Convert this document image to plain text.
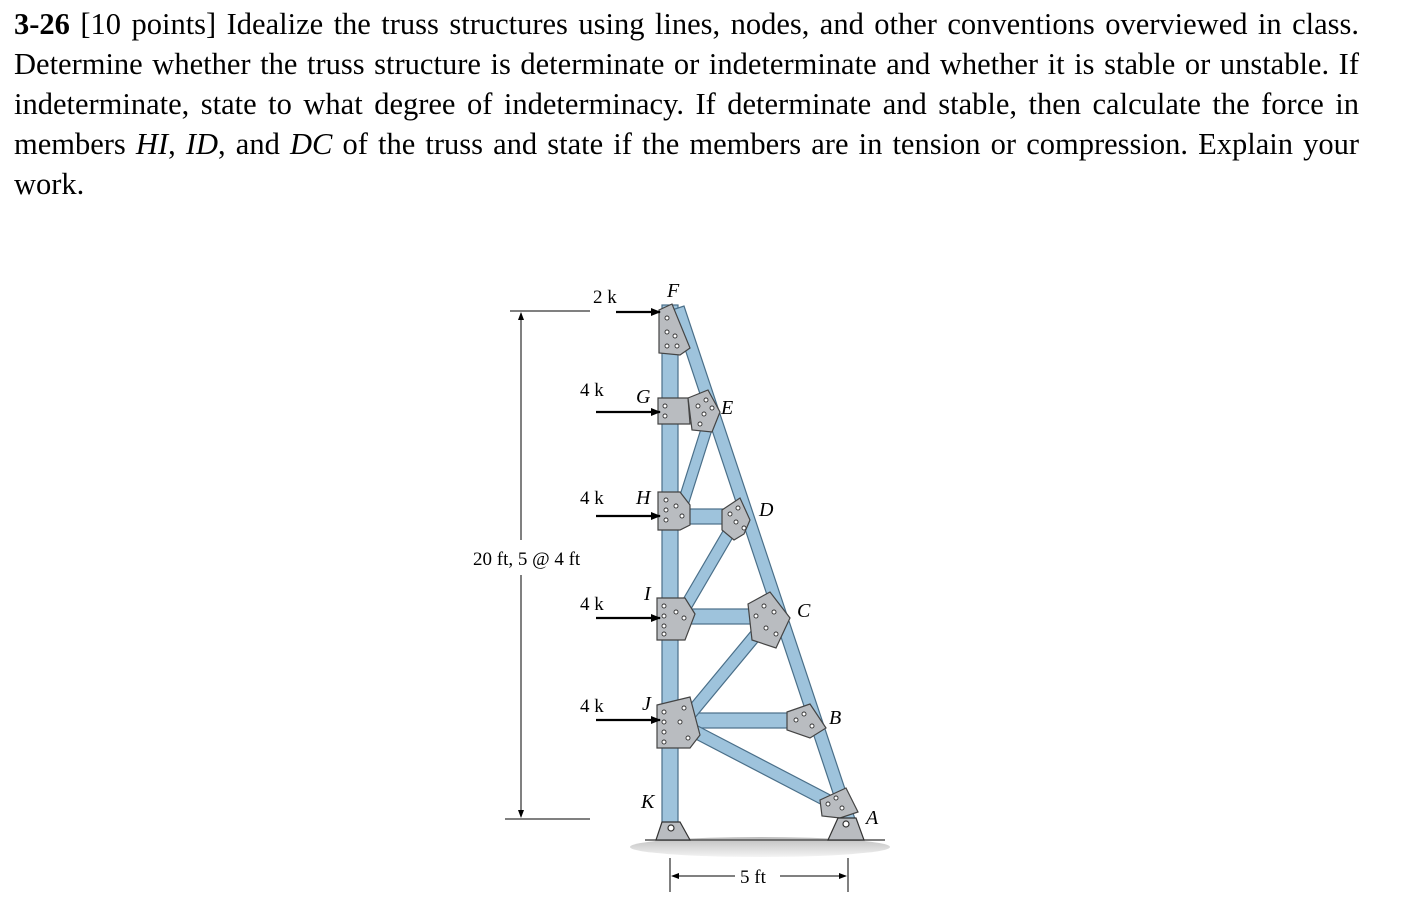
3-26 [10 points] Idealize the truss structures using lines, nodes, and other conventions overviewed in class. Determine whether the truss structure is determinate or indeterminate and whether it is stable or unstable. If indeterminate, state to what degree of indeterminacy. If determinate and stable, then calculate the force in members HI, ID, and DC of the truss and state if the members are in tension or compression. Explain your work.
2 k
4 k
4 k
4 k
4 k
F
G	E
H
D
I
C
J
B
K
A
20 ft, 5 @ 4 ft
5 ft
